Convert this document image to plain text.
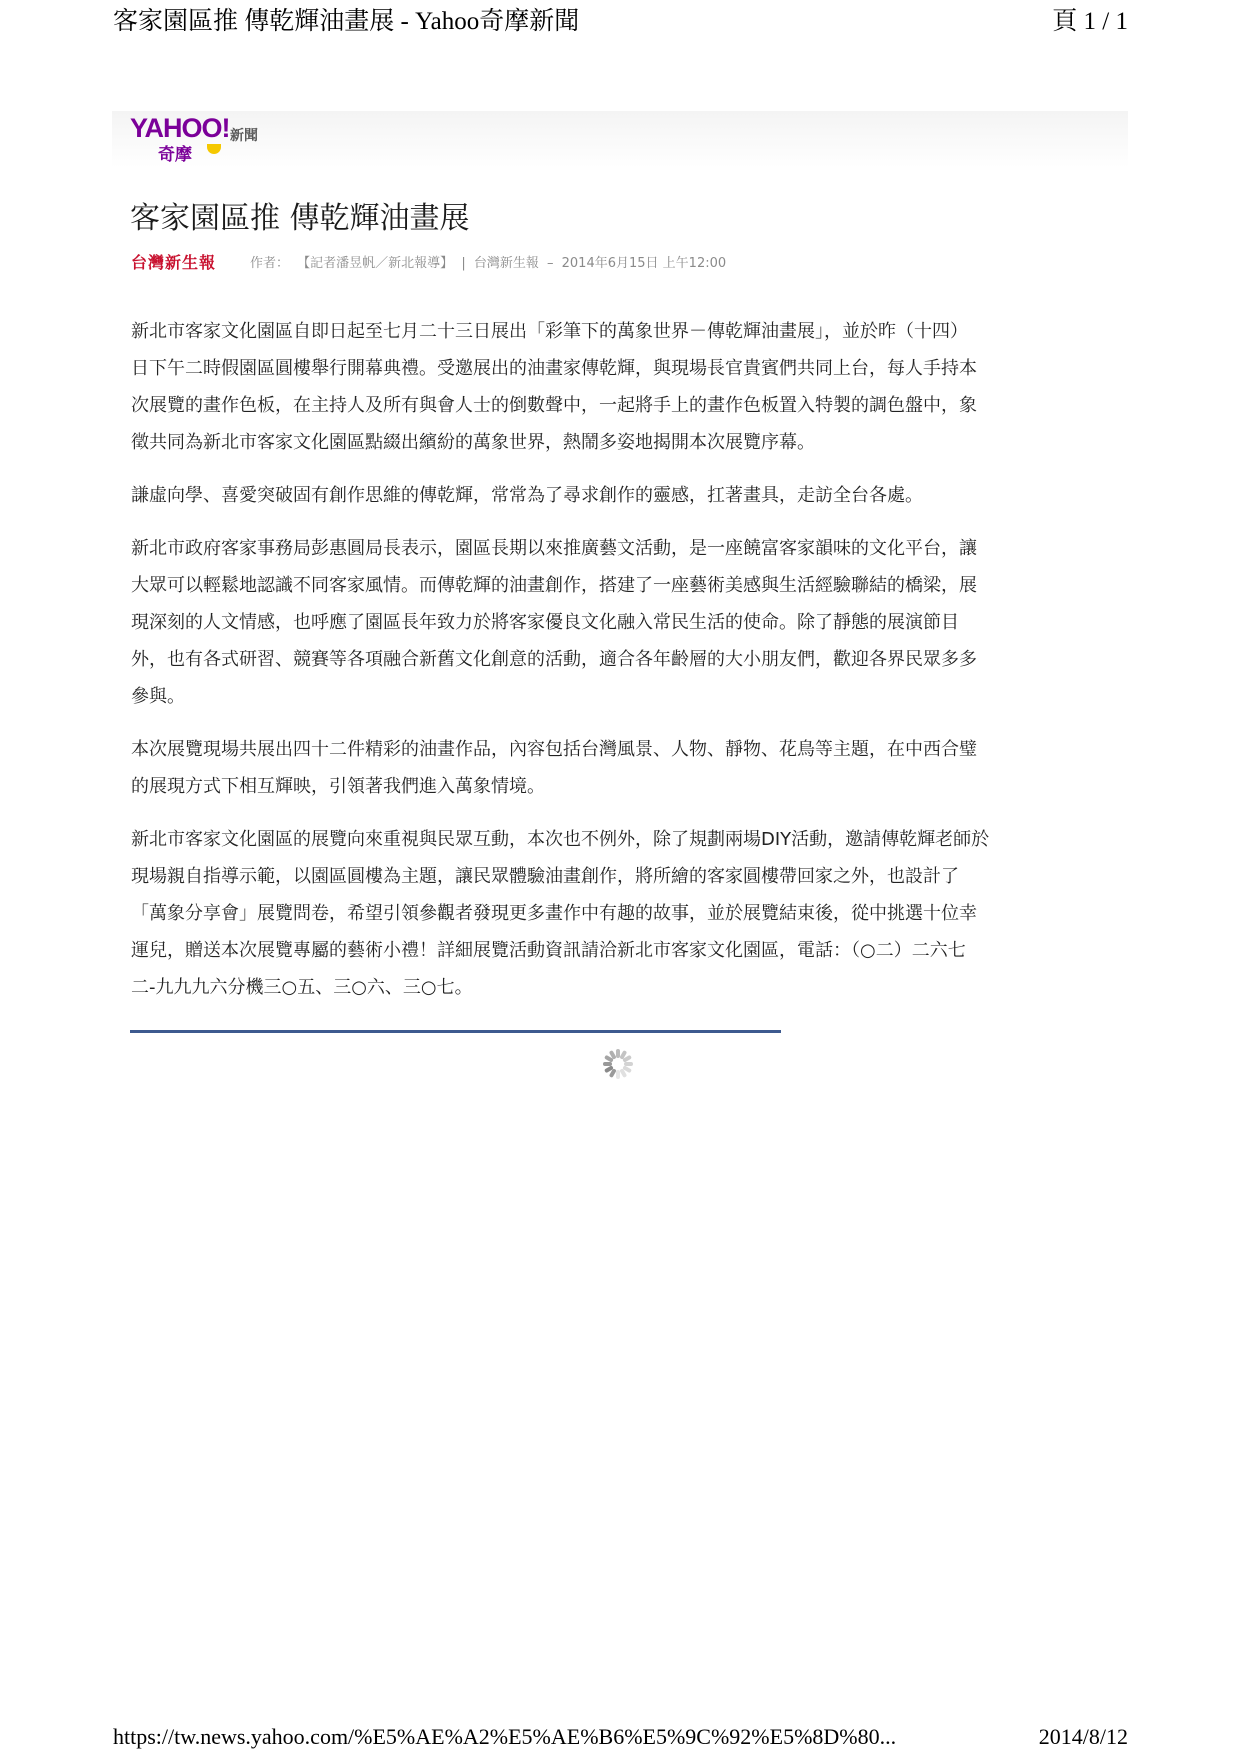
客家園區推 傳乾輝油畫展 - Yahoo奇摩新聞	頁 1 / 1
YAHOO!
奇摩
新聞
客家園區推 傳乾輝油畫展
台灣新生報	作者： 【記者潘昱帆／新北報導】 | 台灣新生報 – 2014年6月15日 上午12:00

新北市客家文化園區自即日起至七月二十三日展出「彩筆下的萬象世界－傳乾輝油畫展」，並於昨（十四）
日下午二時假園區圓樓舉行開幕典禮。受邀展出的油畫家傳乾輝，與現場長官貴賓們共同上台，每人手持本
次展覽的畫作色板，在主持人及所有與會人士的倒數聲中，一起將手上的畫作色板置入特製的調色盤中，象
徵共同為新北市客家文化園區點綴出繽紛的萬象世界，熱鬧多姿地揭開本次展覽序幕。

謙虛向學、喜愛突破固有創作思維的傳乾輝，常常為了尋求創作的靈感，扛著畫具，走訪全台各處。

新北市政府客家事務局彭惠圓局長表示，園區長期以來推廣藝文活動，是一座饒富客家韻味的文化平台，讓
大眾可以輕鬆地認識不同客家風情。而傳乾輝的油畫創作，搭建了一座藝術美感與生活經驗聯結的橋梁，展
現深刻的人文情感，也呼應了園區長年致力於將客家優良文化融入常民生活的使命。除了靜態的展演節目
外，也有各式研習、競賽等各項融合新舊文化創意的活動，適合各年齡層的大小朋友們，歡迎各界民眾多多
參與。

本次展覽現場共展出四十二件精彩的油畫作品，內容包括台灣風景、人物、靜物、花鳥等主題，在中西合璧
的展現方式下相互輝映，引領著我們進入萬象情境。

新北市客家文化園區的展覽向來重視與民眾互動，本次也不例外，除了規劃兩場DIY活動，邀請傳乾輝老師於
現場親自指導示範，以園區圓樓為主題，讓民眾體驗油畫創作，將所繪的客家圓樓帶回家之外，也設計了
「萬象分享會」展覽問卷，希望引領參觀者發現更多畫作中有趣的故事，並於展覽結束後，從中挑選十位幸
運兒，贈送本次展覽專屬的藝術小禮！詳細展覽活動資訊請洽新北市客家文化園區，電話：（○二）二六七
二-九九九六分機三○五、三○六、三○七。

https://tw.news.yahoo.com/%E5%AE%A2%E5%AE%B6%E5%9C%92%E5%8D%80...	2014/8/12
